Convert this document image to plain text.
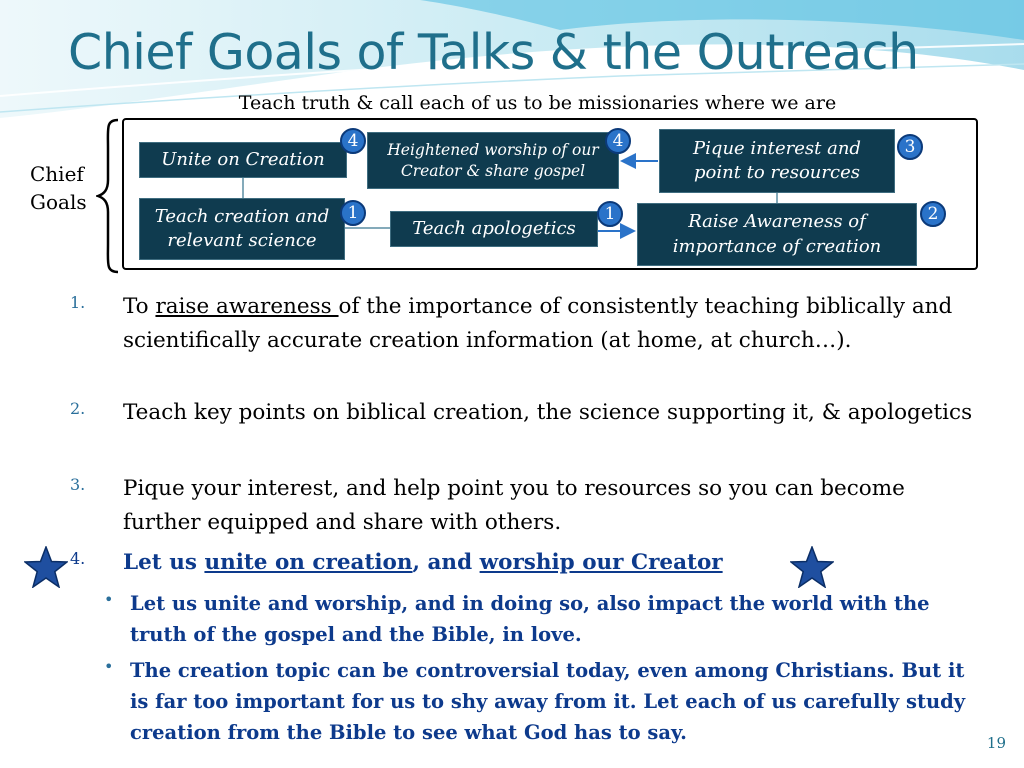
Chief Goals of Talks & the Outreach
Teach truth & call each of us to be missionaries where we are
Chief
Goals
Unite on Creation	Heightened worship of our Creator & share gospel
Pique interest and point to resources
Teach creation and relevant science
Teach apologetics	Raise Awareness of importance of creation
4	4	3
1	1	2
1.	To raise awareness of the importance of consistently teaching biblically and scientifically accurate creation information (at home, at church…).
2.	Teach key points on biblical creation, the science supporting it, & apologetics
3.	Pique your interest, and help point you to resources so you can become further equipped and share with others.
4.	Let us unite on creation, and worship our Creator
• Let us unite and worship, and in doing so, also impact the world with the truth of the gospel and the Bible, in love.
• The creation topic can be controversial today, even among Christians. But it is far too important for us to shy away from it. Let each of us carefully study creation from the Bible to see what God has to say.	19
